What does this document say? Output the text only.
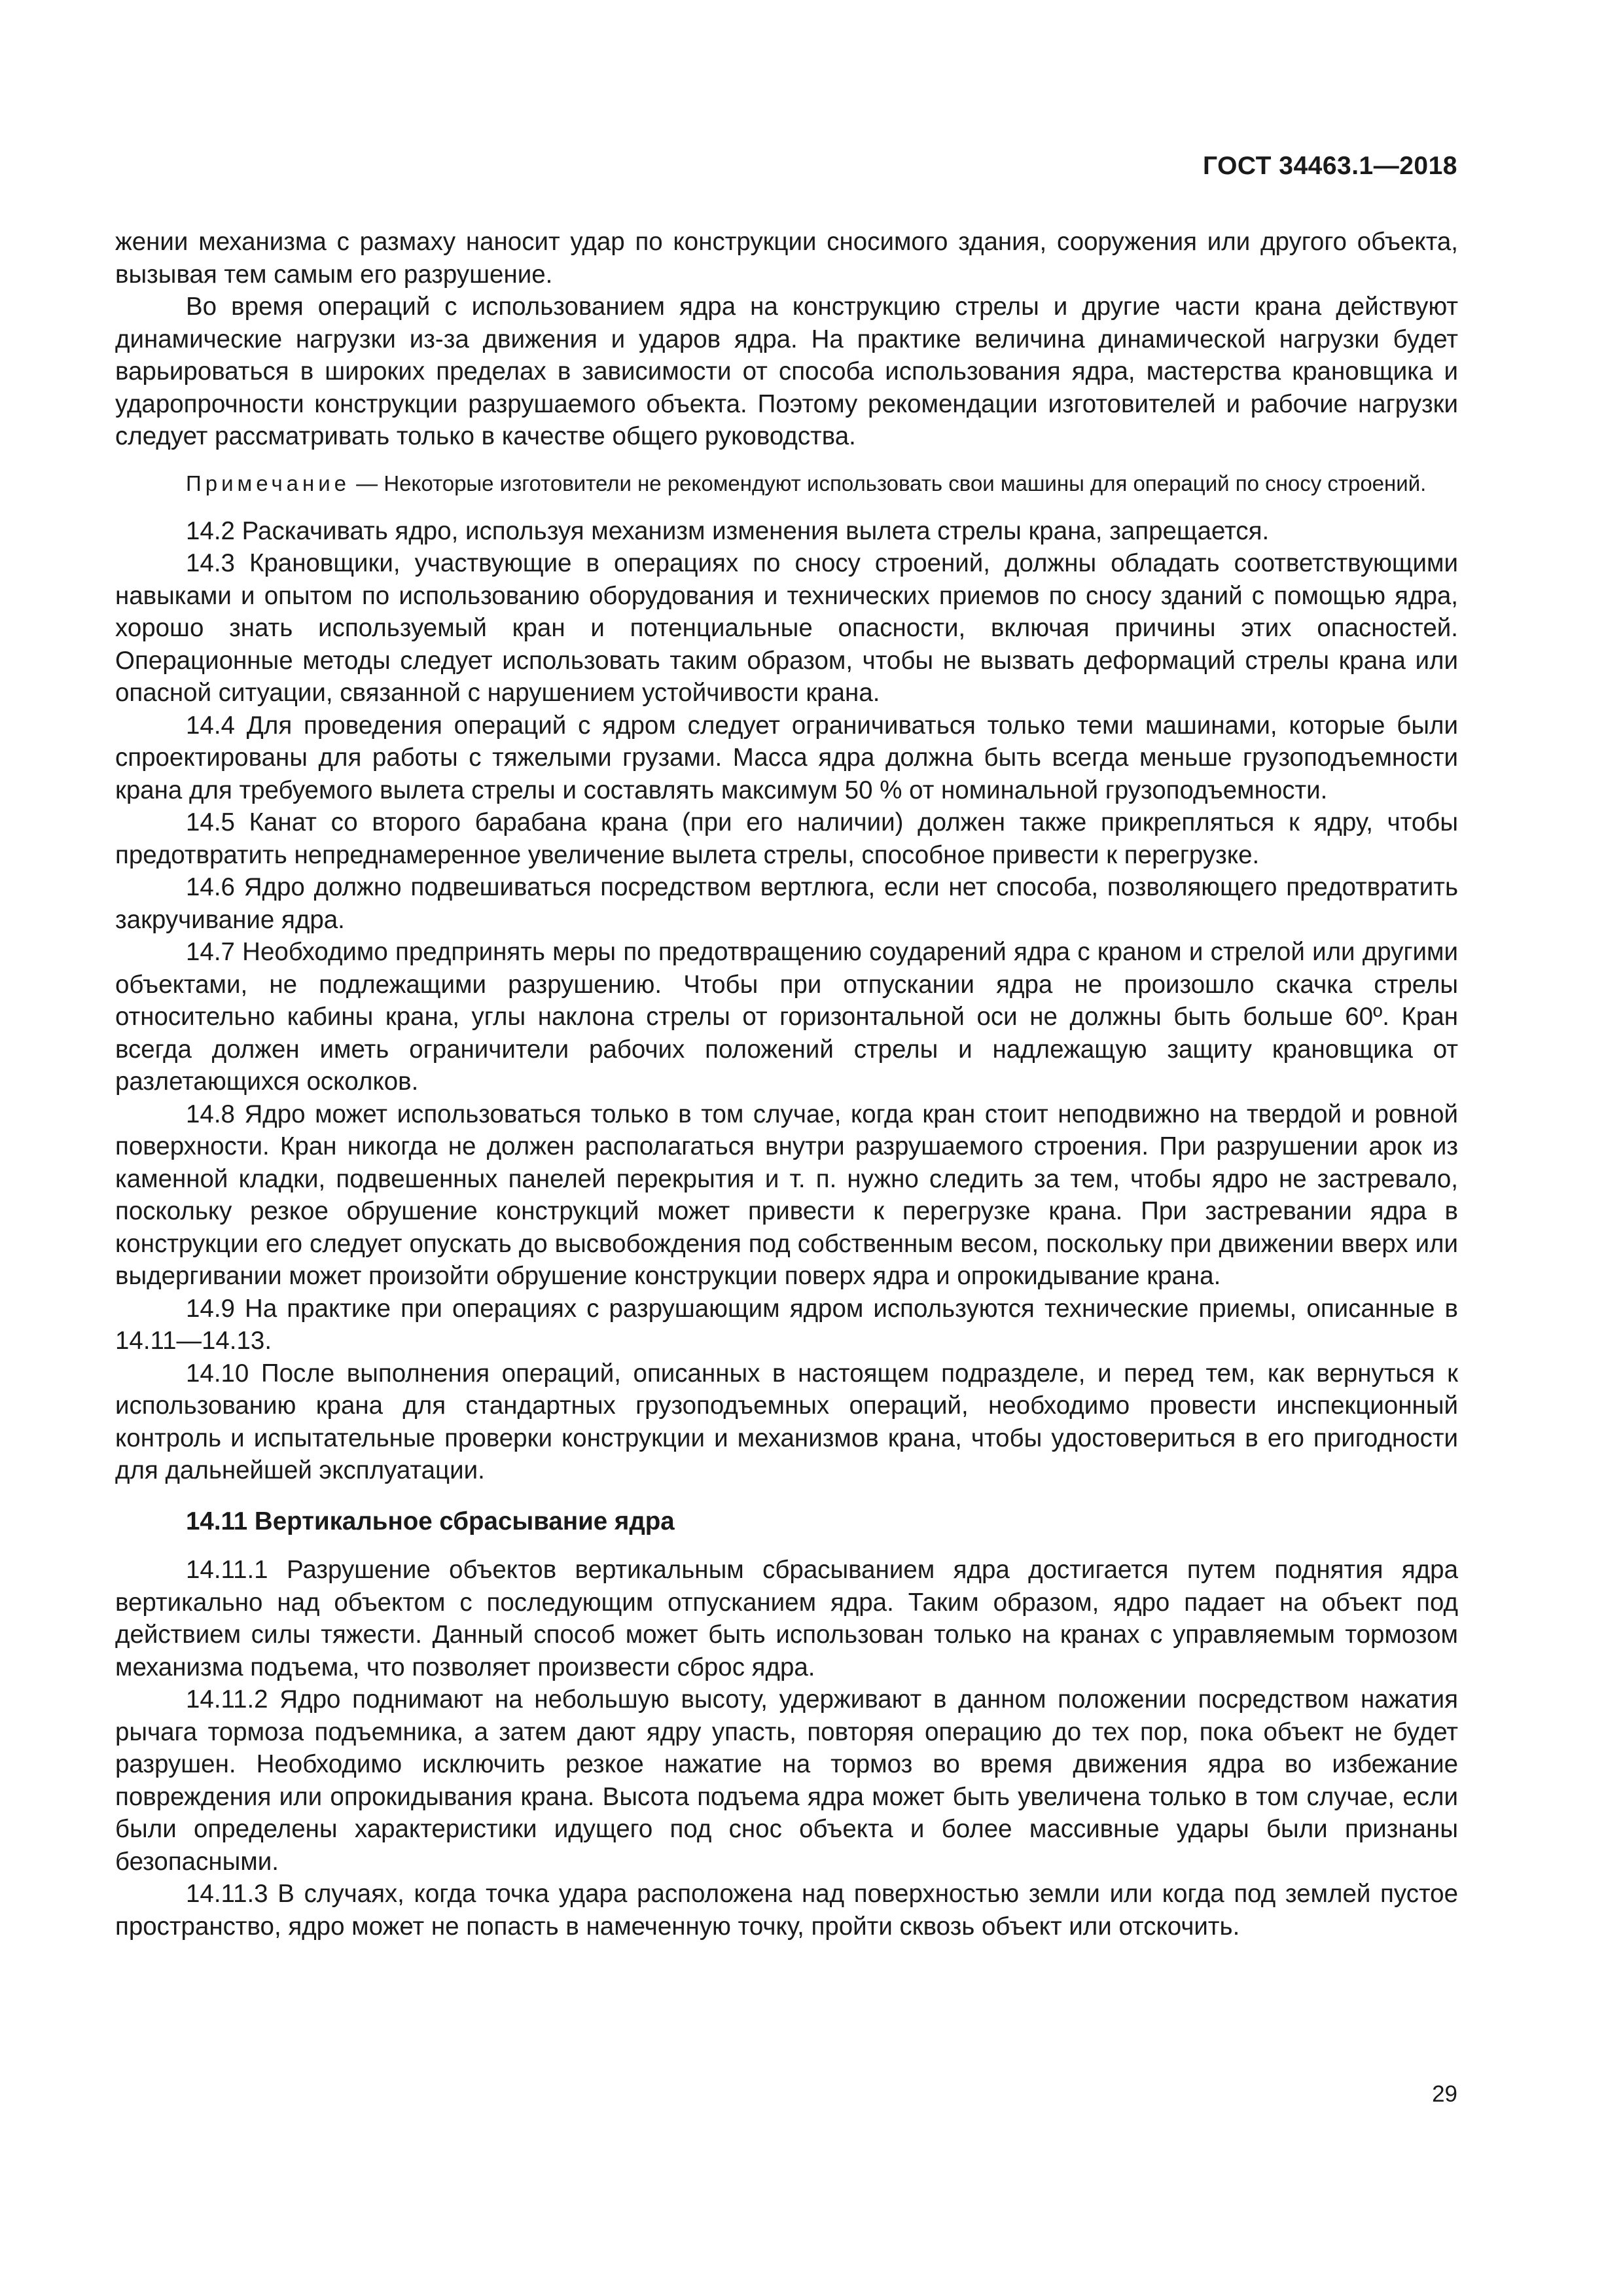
ГОСТ 34463.1—2018

жении механизма с размаху наносит удар по конструкции сносимого здания, сооружения или другого объекта, вызывая тем самым его разрушение.

Во время операций с использованием ядра на конструкцию стрелы и другие части крана действуют динамические нагрузки из-за движения и ударов ядра. На практике величина динамической нагрузки будет варьироваться в широких пределах в зависимости от способа использования ядра, мастерства крановщика и ударопрочности конструкции разрушаемого объекта. Поэтому рекомендации изготовителей и рабочие нагрузки следует рассматривать только в качестве общего руководства.

Примечание — Некоторые изготовители не рекомендуют использовать свои машины для операций по сносу строений.

14.2 Раскачивать ядро, используя механизм изменения вылета стрелы крана, запрещается.

14.3 Крановщики, участвующие в операциях по сносу строений, должны обладать соответствующими навыками и опытом по использованию оборудования и технических приемов по сносу зданий с помощью ядра, хорошо знать используемый кран и потенциальные опасности, включая причины этих опасностей. Операционные методы следует использовать таким образом, чтобы не вызвать деформаций стрелы крана или опасной ситуации, связанной с нарушением устойчивости крана.

14.4 Для проведения операций с ядром следует ограничиваться только теми машинами, которые были спроектированы для работы с тяжелыми грузами. Масса ядра должна быть всегда меньше грузоподъемности крана для требуемого вылета стрелы и составлять максимум 50 % от номинальной грузоподъемности.

14.5 Канат со второго барабана крана (при его наличии) должен также прикрепляться к ядру, чтобы предотвратить непреднамеренное увеличение вылета стрелы, способное привести к перегрузке.

14.6 Ядро должно подвешиваться посредством вертлюга, если нет способа, позволяющего предотвратить закручивание ядра.

14.7 Необходимо предпринять меры по предотвращению соударений ядра с краном и стрелой или другими объектами, не подлежащими разрушению. Чтобы при отпускании ядра не произошло скачка стрелы относительно кабины крана, углы наклона стрелы от горизонтальной оси не должны быть больше 60º. Кран всегда должен иметь ограничители рабочих положений стрелы и надлежащую защиту крановщика от разлетающихся осколков.

14.8 Ядро может использоваться только в том случае, когда кран стоит неподвижно на твердой и ровной поверхности. Кран никогда не должен располагаться внутри разрушаемого строения. При разрушении арок из каменной кладки, подвешенных панелей перекрытия и т. п. нужно следить за тем, чтобы ядро не застревало, поскольку резкое обрушение конструкций может привести к перегрузке крана. При застревании ядра в конструкции его следует опускать до высвобождения под собственным весом, поскольку при движении вверх или выдергивании может произойти обрушение конструкции поверх ядра и опрокидывание крана.

14.9 На практике при операциях с разрушающим ядром используются технические приемы, описанные в 14.11—14.13.

14.10 После выполнения операций, описанных в настоящем подразделе, и перед тем, как вернуться к использованию крана для стандартных грузоподъемных операций, необходимо провести инспекционный контроль и испытательные проверки конструкции и механизмов крана, чтобы удостовериться в его пригодности для дальнейшей эксплуатации.

14.11 Вертикальное сбрасывание ядра

14.11.1 Разрушение объектов вертикальным сбрасыванием ядра достигается путем поднятия ядра вертикально над объектом с последующим отпусканием ядра. Таким образом, ядро падает на объект под действием силы тяжести. Данный способ может быть использован только на кранах с управляемым тормозом механизма подъема, что позволяет произвести сброс ядра.

14.11.2 Ядро поднимают на небольшую высоту, удерживают в данном положении посредством нажатия рычага тормоза подъемника, а затем дают ядру упасть, повторяя операцию до тех пор, пока объект не будет разрушен. Необходимо исключить резкое нажатие на тормоз во время движения ядра во избежание повреждения или опрокидывания крана. Высота подъема ядра может быть увеличена только в том случае, если были определены характеристики идущего под снос объекта и более массивные удары были признаны безопасными.

14.11.3 В случаях, когда точка удара расположена над поверхностью земли или когда под землей пустое пространство, ядро может не попасть в намеченную точку, пройти сквозь объект или отскочить.

29
